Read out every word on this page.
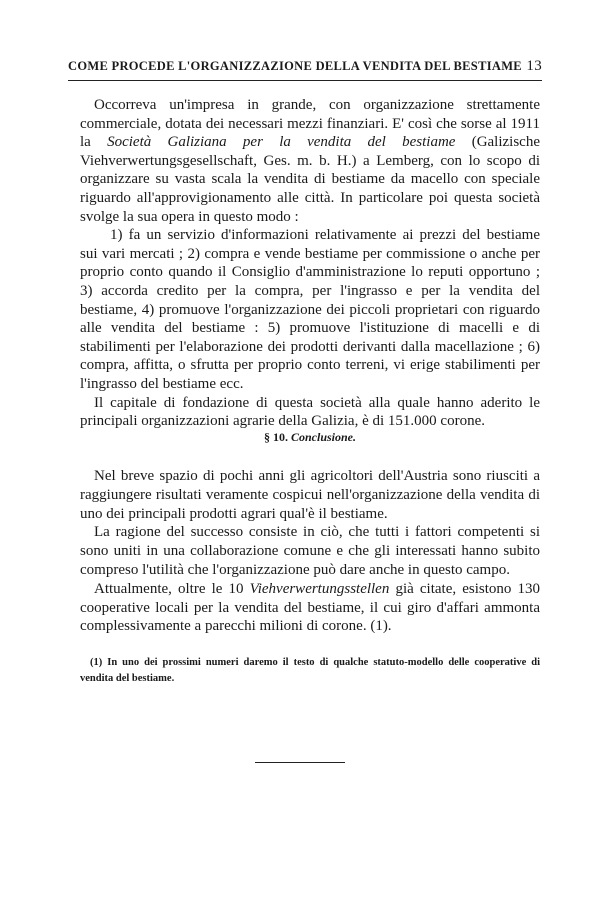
COME PROCEDE L'ORGANIZZAZIONE DELLA VENDITA DEL BESTIAME 13

Occorreva un'impresa in grande, con organizzazione strettamente commerciale, dotata dei necessari mezzi finanziari. E' così che sorse al 1911 la Società Galiziana per la vendita del bestiame (Galizische Viehverwertungsgesellschaft, Ges. m. b. H.) a Lemberg, con lo scopo di organizzare su vasta scala la vendita di bestiame da macello con speciale riguardo all'approvigionamento alle città. In particolare poi questa società svolge la sua opera in questo modo :

1) fa un servizio d'informazioni relativamente ai prezzi del bestiame sui vari mercati ; 2) compra e vende bestiame per commissione o anche per proprio conto quando il Consiglio d'amministrazione lo reputi opportuno ; 3) accorda credito per la compra, per l'ingrasso e per la vendita del bestiame, 4) promuove l'organizzazione dei piccoli proprietari con riguardo alle vendita del bestiame : 5) promuove l'istituzione di macelli e di stabilimenti per l'elaborazione dei prodotti derivanti dalla macellazione ; 6) compra, affitta, o sfrutta per proprio conto terreni, vi erige stabilimenti per l'ingrasso del bestiame ecc.

Il capitale di fondazione di questa società alla quale hanno aderito le principali organizzazioni agrarie della Galizia, è di 151.000 corone.

§ 10. Conclusione.

Nel breve spazio di pochi anni gli agricoltori dell'Austria sono riusciti a raggiungere risultati veramente cospicui nell'organizzazione della vendita di uno dei principali prodotti agrari qual'è il bestiame.

La ragione del successo consiste in ciò, che tutti i fattori competenti si sono uniti in una collaborazione comune e che gli interessati hanno subito compreso l'utilità che l'organizzazione può dare anche in questo campo.

Attualmente, oltre le 10 Viehverwertungsstellen già citate, esistono 130 cooperative locali per la vendita del bestiame, il cui giro d'affari ammonta complessivamente a parecchi milioni di corone. (1).

(1) In uno dei prossimi numeri daremo il testo di qualche statuto-modello delle cooperative di vendita del bestiame.
